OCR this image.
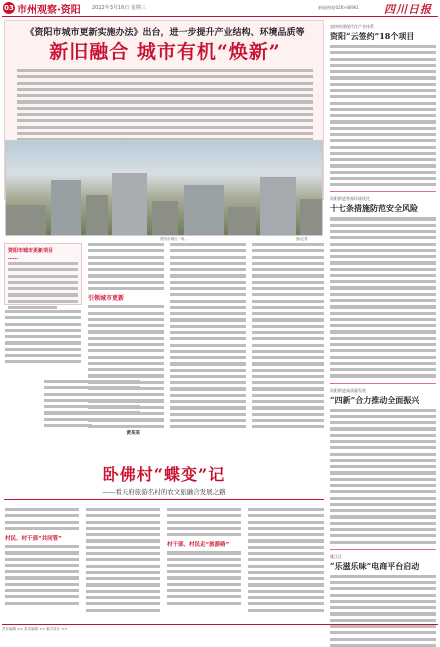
03 市州观察·资阳 2022年3月16日 星期三	新闻热线(028)-86961 四川日报
《资阳市城市更新实施办法》出台，进一步提升产业结构、环境品质等
新旧融合 城市有机“焕新”
资阳市城区一角。	图/记者
资阳市城市更新项目
……
引领城市更新
黄某某
卧佛村“蝶变”记
——看天府旅游名村的农文旅融合发展之路
村民、村干部“共同管”
村干部、村民走“旅游路”
加快构建现代化产业体系
资阳“云签约”18个项目
资阳推进营商环境优化
十七条措施防范安全风险
资阳推进高质量发展
“四新”合力推动全面振兴
雁江区
“乐滋乐味”电商平台启动
责任编辑 ×× 美术编辑 ×× 版式设计 ××
